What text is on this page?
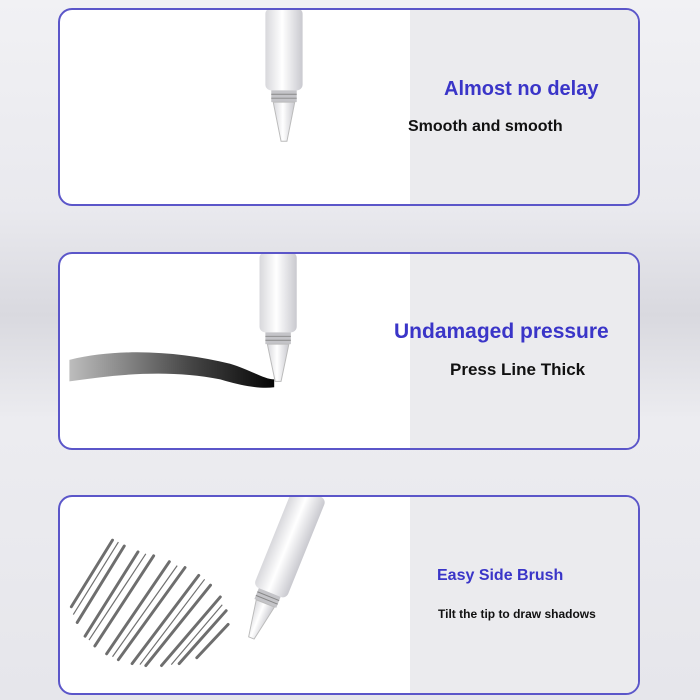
Almost no delay
Smooth and smooth
Undamaged pressure
Press Line Thick
Easy Side Brush
Tilt the tip to draw shadows
